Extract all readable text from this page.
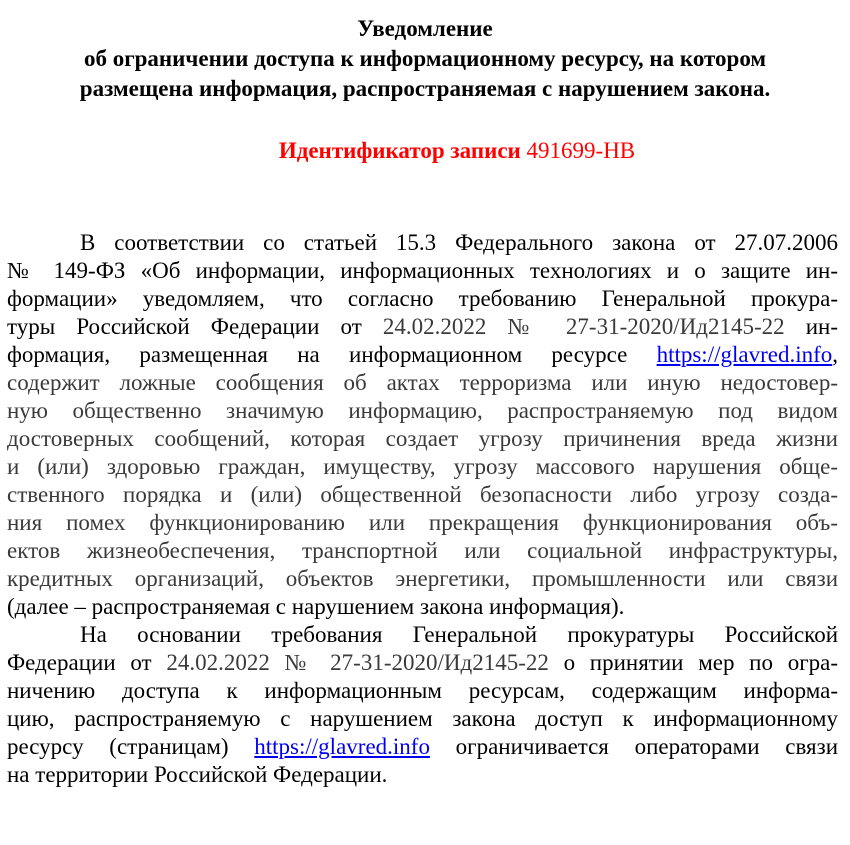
Уведомление
об ограничении доступа к информационному ресурсу, на котором
размещена информация, распространяемая с нарушением закона.
Идентификатор записи 491699-НВ
В соответствии со статьей 15.3 Федерального закона от 27.07.2006
№ 149-ФЗ «Об информации, информационных технологиях и о защите ин-
формации» уведомляем, что согласно требованию Генеральной прокура-
туры Российской Федерации от 24.02.2022 № 27-31-2020/Ид2145-22 ин-
формация, размещенная на информационном ресурсе https://glavred.info,
содержит ложные сообщения об актах терроризма или иную недостовер-
ную общественно значимую информацию, распространяемую под видом
достоверных сообщений, которая создает угрозу причинения вреда жизни
и (или) здоровью граждан, имуществу, угрозу массового нарушения обще-
ственного порядка и (или) общественной безопасности либо угрозу созда-
ния помех функционированию или прекращения функционирования объ-
ектов жизнеобеспечения, транспортной или социальной инфраструктуры,
кредитных организаций, объектов энергетики, промышленности или связи
(далее – распространяемая с нарушением закона информация).
На основании требования Генеральной прокуратуры Российской
Федерации от 24.02.2022 № 27-31-2020/Ид2145-22 о принятии мер по огра-
ничению доступа к информационным ресурсам, содержащим информа-
цию, распространяемую с нарушением закона доступ к информационному
ресурсу (страницам) https://glavred.info ограничивается операторами связи
на территории Российской Федерации.
